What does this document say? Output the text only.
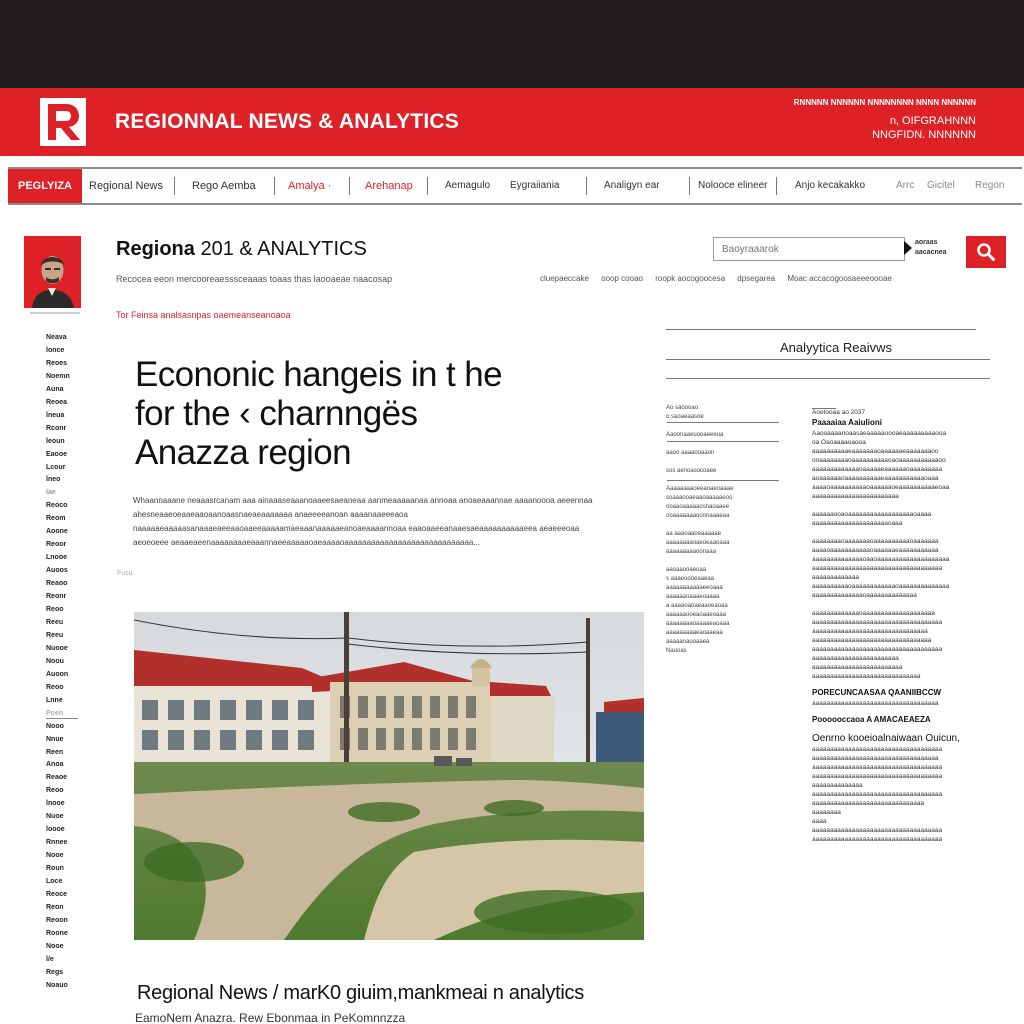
REGIONNAL NEWS & ANALYTICS
RNNNNN NNNNNN NNNNNNNN NNNN NNNNNN
n, OIFGRAHNNN
NNGFIDN. NNNNNN
PEGLYIZA	Regional News	Rego Aemba	Amalya ·	Arehanap	Aemagulo Eygraiiania	Analigyn ear	Nolooce elineer	Anjo kecakakko	Arrc Gicitel Regon
Regiona 201 & ANALYTICS
Recocea eeon mercooreaesssceaaas toaas thas laooaeae naacosap	cluepaeccake ooop cooao roopk aocogoocesa dpsegarea Moac accacogoosaeeeoooae
Baoyraaarok
aoraas
aacacnea
Tor Feinsa analsasnpas oaemeanseanoaoa
Neava
lonce
Reoes
Noemn
Auna
Reoea
lneua
Rconr
leoun
Eaooe
Lcour
lneo
lae
Reoco
Reom
Aoone
Reoor
Lnooe
Auoos
Reaoo
Reonr
Reoo
Reeu
Reeu
Nuooe
Noou
Auoon
Reoo
Lnne
Poen
Nooo
Nnue
Reen
Anoa
Reaoe
Reoo
lnooe
Nuoe
loooe
Rnnee
Nooe
Roun
Loce
Reoce
Reon
Reoon
Roone
Nooe
l/e
Regs
Noauo
Econonic hangeis in t he
for the ‹ charnngës
Anazza region
Whaannaaane neaaasrcanam aaa ainaaaseaaanoaaeesaeaneaa aanmeaaaaanaa annoaa anoaeaaannae aaaanoooa aeeennaa ahesneaaeoeaaeaaoaanoaasnaeaeaaaaaaa anaeeeeanoan aaaanaaeeeaoa naaaaaeaaaaasanaaaeaeeaaoaaeeaaaaamaeaaanaaaaaeanoaeaaaannoaa eaaoaaeeanaaesaeaaaaaaaaaaeea aeaeeeoaa aeoeoeee aeaaeaeenaaaaaaaaeaaannaeeaaaaaoaeaaaaoaaaaaaaaaaaaaaaaaaaaaaaaaaaaa...
Fusu
Regional News / marK0 giuim,mankmeai n analytics
EamoNem Anazra. Rew Ebonmaa in PeKomnnzza
Analyytica Reaivws
Ao saoooao
o saoaeaasoe
Aaoonaaeuooaeeeua
aaoo aaaaooaaon
sos aenoasocoaee
Aaaaaaaaoeeaoaeoaaae
soaaaooaeaaoaaaaaeoo
ooaaoaaaaaosnaoaaee
ooaaaaaaaooonaaaeaa
aa aaaoaaoeaaaaae
aaaaaaaaoaeoeaaoaaa
aaaaaaaaaoonaaa
aaoaaooaeoaa
s aaaeoooeaaeaa
aaaaaaaaaaaeeoaaa
aaaaaaoaaaeoaaaa
a aaaaoaoaeaaoeaoaa
aaaaaaooeaoaaeoaaa
aaaaaaaaoaaaaeaoaaa
aaaaaaaaaeaoaaeaa
aaaaaoaooaaea
Nauoas
Aoetooaa ao 2037
Paaaaiaa Aaiulioni
Aaooaaaanoaasaeaaaaaoooaeaaaaaaaaaooa
oa Oaoaaaaoaooa
aaaaaaaaaaeaaaaaaaoaaaaaaeaaaaaaaoo
ooaaaaaaaaoaaaaaaaaaaoaoaaaaaaaaaaaoo
aaaaaaaaaaaaaoaaaaaeaaaaaaoaaaaaaaaa
aoaaaaaaoaaaaaaaaaaeaaaaaaaaaaaoaaa
aaaaoaaaaaaaaaaoaaaaaaoeaaaaaaaaaaeoaa
aaaaaaaaaaaaaaaaaaaaaaaa
aaaaaaooaoaaaaaaaaaaaaaaaaaaoaaaa
aaaaaaaaaaaaaaaaaaaaaoaaa
aaaaaaaaoaaaaaaaoaaaaaaaaaaoaaaaaaa
aaaaoaaaaaaaaaaaoaaaaaaeaaaaaaaaaaa
aaaaaaaaaaaaaaoaaoaaaaaaaaaaaaaaaaaaaa
aaaaaaaaaaaaaaaaaaaaaaaaaaaaaaaaaaaa
aaaaaaaaaaaaa
aaaaaaaaaaoaaaaaaaaaaaaoaaaaaaaaaaaaaa
aaaaaaaaaaaaaaoaaaaaaaaaaaaaa
aaaaaaaaaaaaaoaaaaaaaaaaaaaaaaaaaa
aaaaaaaaaaaaaaaaaaaaaaaaaaaaaaaaaaaa
aaaaaaaaaaaaaaaaaaaaaaaaaaaaaaaa
aaaaaaaaaaaaaaaaaaaaaaaaaaaaaaaaa
aaaaaaaaaaaaaaaaaaaaaaaaaaaaaaaaaaaa
aaaaaaaaaaaaaaaaaaaaaaaa
aaaaaaaaaaaaaaaaaaaaaaaaa
aaaaaaaaaaaaaaaaaaaaaaaaaaaaaa
PORECUNCAASAA QAANIIBCCW
aaaaaaaaaaaaaaaaaaaaaaaaaaaaaaaaaaa
Poooooccaoa A AMACAEAEZA
Oenrno kooeioalnaiwaan Ouicun,
aaaaaaaaaaaaaaaaaaaaaaaaaaaaaaaaaaaa
aaaaaaaaaaaaaaaaaaaaaaaaaaaaaaaaaaa
aaaaaaaaaaaaaaaaaaaaaaaaaaaaaaaaaaaa
aaaaaaaaaaaaaaaaaaaaaaaaaaaaaaaaaaaa
aaaaaaaaaaaaaa
aaaaaaaaaaaaaaaaaaaaaaaaaaaaaaaaaaaa
aaaaaaaaaaaaaaaaaaaaaaaaaaaaaaa
aaaaaaaa
aaaa
aaaaaaaaaaaaaaaaaaaaaaaaaaaaaaaaaaaa
aaaaaaaaaaaaaaaaaaaaaaaaaaaaaaaaaaaa
